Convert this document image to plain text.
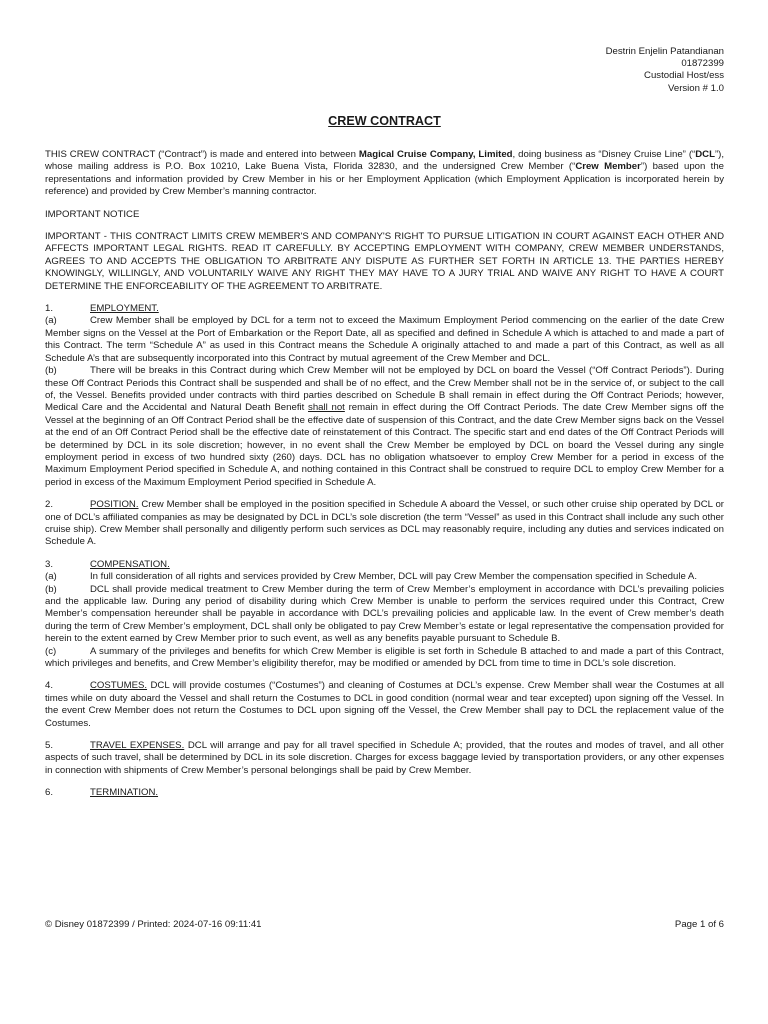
Destrin Enjelin Patandianan
01872399
Custodial Host/ess
Version # 1.0
CREW CONTRACT

THIS CREW CONTRACT (“Contract”) is made and entered into between Magical Cruise Company, Limited, doing business as “Disney Cruise Line” (“DCL”), whose mailing address is P.O. Box 10210, Lake Buena Vista, Florida 32830, and the undersigned Crew Member (“Crew Member”) based upon the representations and information provided by Crew Member in his or her Employment Application (which Employment Application is incorporated herein by reference) and provided by Crew Member’s manning contractor.

IMPORTANT NOTICE

IMPORTANT - THIS CONTRACT LIMITS CREW MEMBER'S AND COMPANY'S RIGHT TO PURSUE LITIGATION IN COURT AGAINST EACH OTHER AND AFFECTS IMPORTANT LEGAL RIGHTS. READ IT CAREFULLY. BY ACCEPTING EMPLOYMENT WITH COMPANY, CREW MEMBER UNDERSTANDS, AGREES TO AND ACCEPTS THE OBLIGATION TO ARBITRATE ANY DISPUTE AS FURTHER SET FORTH IN ARTICLE 13. THE PARTIES HEREBY KNOWINGLY, WILLINGLY, AND VOLUNTARILY WAIVE ANY RIGHT THEY MAY HAVE TO A JURY TRIAL AND WAIVE ANY RIGHT TO HAVE A COURT DETERMINE THE ENFORCEABILITY OF THE AGREEMENT TO ARBITRATE.

1.	EMPLOYMENT.

(a)	Crew Member shall be employed by DCL for a term not to exceed the Maximum Employment Period commencing on the earlier of the date Crew Member signs on the Vessel at the Port of Embarkation or the Report Date, all as specified and defined in Schedule A which is attached to and made a part of this Contract. The term “Schedule A” as used in this Contract means the Schedule A originally attached to and made a part of this Contract, as well as all Schedule A’s that are subsequently incorporated into this Contract by mutual agreement of the Crew Member and DCL.

(b)	There will be breaks in this Contract during which Crew Member will not be employed by DCL on board the Vessel (“Off Contract Periods”). During these Off Contract Periods this Contract shall be suspended and shall be of no effect, and the Crew Member shall not be in the service of, or subject to the call of, the Vessel. Benefits provided under contracts with third parties described on Schedule B shall remain in effect during the Off Contract Periods; however, Medical Care and the Accidental and Natural Death Benefit shall not remain in effect during the Off Contract Periods. The date Crew Member signs off the Vessel at the beginning of an Off Contract Period shall be the effective date of suspension of this Contract, and the date Crew Member signs back on the Vessel at the end of an Off Contract Period shall be the effective date of reinstatement of this Contract. The specific start and end dates of the Off Contract Periods will be determined by DCL in its sole discretion; however, in no event shall the Crew Member be employed by DCL on board the Vessel during any single employment period in excess of two hundred sixty (260) days. DCL has no obligation whatsoever to employ Crew Member for a period in excess of the Maximum Employment Period specified in Schedule A, and nothing contained in this Contract shall be construed to require DCL to employ Crew Member for a period in excess of the Maximum Employment Period specified in Schedule A.

2.	POSITION. Crew Member shall be employed in the position specified in Schedule A aboard the Vessel, or such other cruise ship operated by DCL or one of DCL’s affiliated companies as may be designated by DCL in DCL’s sole discretion (the term “Vessel” as used in this Contract shall include any such other cruise ship). Crew Member shall personally and diligently perform such services as DCL may reasonably require, including any duties and services indicated on Schedule A.

3.	COMPENSATION.

(a)	In full consideration of all rights and services provided by Crew Member, DCL will pay Crew Member the compensation specified in Schedule A.

(b)	DCL shall provide medical treatment to Crew Member during the term of Crew Member’s employment in accordance with DCL’s prevailing policies and the applicable law. During any period of disability during which Crew Member is unable to perform the services required under this Contract, Crew Member’s compensation hereunder shall be payable in accordance with DCL’s prevailing policies and applicable law. In the event of Crew member’s death during the term of Crew Member’s employment, DCL shall only be obligated to pay Crew Member’s estate or legal representative the compensation provided for herein to the extent earned by Crew Member prior to such event, as well as any benefits payable pursuant to Schedule B.

(c)	A summary of the privileges and benefits for which Crew Member is eligible is set forth in Schedule B attached to and made a part of this Contract, which privileges and benefits, and Crew Member’s eligibility therefor, may be modified or amended by DCL from time to time in DCL’s sole discretion.

4.	COSTUMES. DCL will provide costumes (“Costumes”) and cleaning of Costumes at DCL’s expense. Crew Member shall wear the Costumes at all times while on duty aboard the Vessel and shall return the Costumes to DCL in good condition (normal wear and tear excepted) upon signing off the Vessel. In the event Crew Member does not return the Costumes to DCL upon signing off the Vessel, the Crew Member shall pay to DCL the replacement value of the Costumes.

5.	TRAVEL EXPENSES. DCL will arrange and pay for all travel specified in Schedule A; provided, that the routes and modes of travel, and all other aspects of such travel, shall be determined by DCL in its sole discretion. Charges for excess baggage levied by transportation providers, or any other expenses in connection with shipments of Crew Member’s personal belongings shall be paid by Crew Member.

6.	TERMINATION.

© Disney 01872399 / Printed: 2024-07-16 09:11:41	Page 1 of 6
